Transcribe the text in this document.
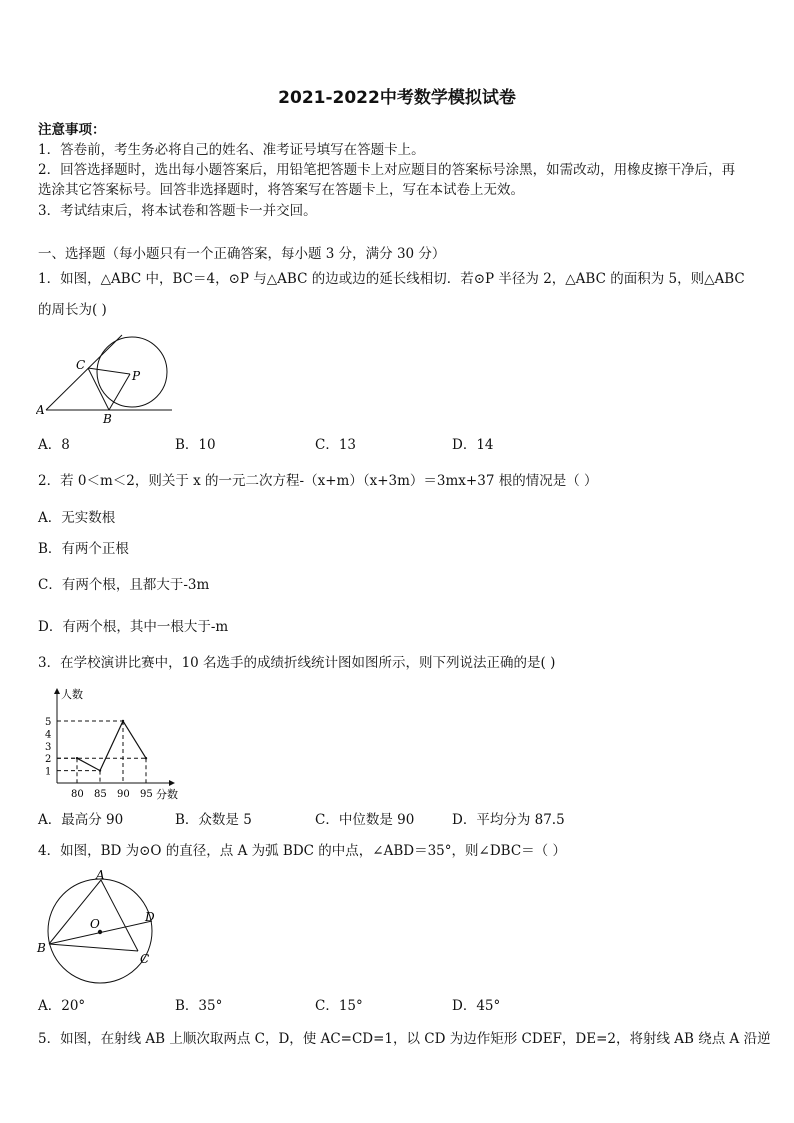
2021-2022中考数学模拟试卷
注意事项：
1．答卷前，考生务必将自己的姓名、准考证号填写在答题卡上。
2．回答选择题时，选出每小题答案后，用铅笔把答题卡上对应题目的答案标号涂黑，如需改动，用橡皮擦干净后，再
选涂其它答案标号。回答非选择题时，将答案写在答题卡上，写在本试卷上无效。
3．考试结束后，将本试卷和答题卡一并交回。
一、选择题（每小题只有一个正确答案，每小题 3 分，满分 30 分）
1．如图，△ABC 中，BC＝4，⊙P 与△ABC 的边或边的延长线相切．若⊙P 半径为 2，△ABC 的面积为 5，则△ABC
的周长为( )
A
C
P
B
A．8	B．10	C．13	D．14
2．若 0＜m＜2，则关于 x 的一元二次方程-（x+m）（x+3m）＝3mx+37 根的情况是（ ）
A．无实数根
B．有两个正根
C．有两个根，且都大于-3m
D．有两个根，其中一根大于-m
3．在学校演讲比赛中，10 名选手的成绩折线统计图如图所示，则下列说法正确的是( )
人数
分数
1
2
3
4
5
80 85 90 95
A．最高分 90	B．众数是 5	C．中位数是 90	D．平均分为 87.5
4．如图，BD 为⊙O 的直径，点 A 为弧 BDC 的中点，∠ABD＝35°，则∠DBC＝（ ）
A
O	D
B
C
A．20°	B．35°	C．15°	D．45°
5．如图，在射线 AB 上顺次取两点 C，D，使 AC=CD=1，以 CD 为边作矩形 CDEF，DE=2，将射线 AB 绕点 A 沿逆
